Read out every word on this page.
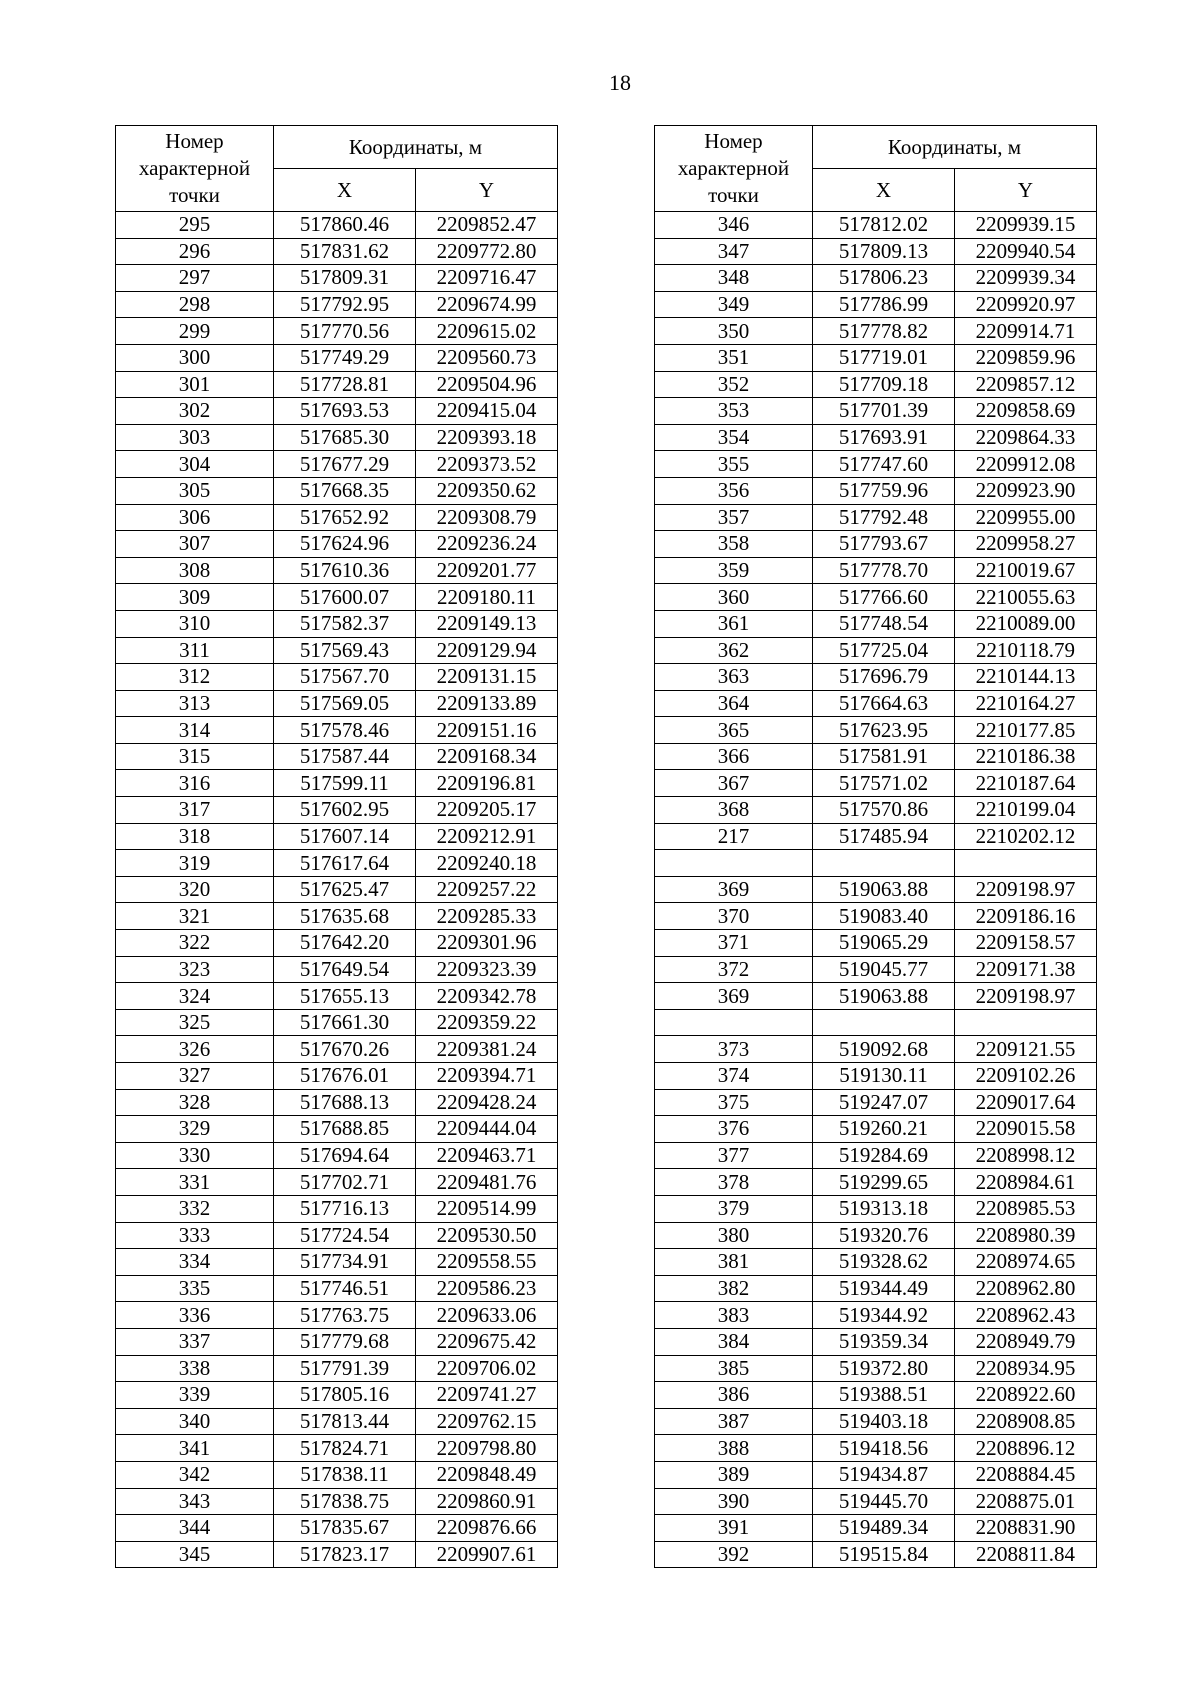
18
Номер характерной точки	Координаты, м	
	X	Y
295	517860.46	2209852.47
296	517831.62	2209772.80
297	517809.31	2209716.47
298	517792.95	2209674.99
299	517770.56	2209615.02
300	517749.29	2209560.73
301	517728.81	2209504.96
302	517693.53	2209415.04
303	517685.30	2209393.18
304	517677.29	2209373.52
305	517668.35	2209350.62
306	517652.92	2209308.79
307	517624.96	2209236.24
308	517610.36	2209201.77
309	517600.07	2209180.11
310	517582.37	2209149.13
311	517569.43	2209129.94
312	517567.70	2209131.15
313	517569.05	2209133.89
314	517578.46	2209151.16
315	517587.44	2209168.34
316	517599.11	2209196.81
317	517602.95	2209205.17
318	517607.14	2209212.91
319	517617.64	2209240.18
320	517625.47	2209257.22
321	517635.68	2209285.33
322	517642.20	2209301.96
323	517649.54	2209323.39
324	517655.13	2209342.78
325	517661.30	2209359.22
326	517670.26	2209381.24
327	517676.01	2209394.71
328	517688.13	2209428.24
329	517688.85	2209444.04
330	517694.64	2209463.71
331	517702.71	2209481.76
332	517716.13	2209514.99
333	517724.54	2209530.50
334	517734.91	2209558.55
335	517746.51	2209586.23
336	517763.75	2209633.06
337	517779.68	2209675.42
338	517791.39	2209706.02
339	517805.16	2209741.27
340	517813.44	2209762.15
341	517824.71	2209798.80
342	517838.11	2209848.49
343	517838.75	2209860.91
344	517835.67	2209876.66
345	517823.17	2209907.61
Номер характерной точки	Координаты, м	
	X	Y
346	517812.02	2209939.15
347	517809.13	2209940.54
348	517806.23	2209939.34
349	517786.99	2209920.97
350	517778.82	2209914.71
351	517719.01	2209859.96
352	517709.18	2209857.12
353	517701.39	2209858.69
354	517693.91	2209864.33
355	517747.60	2209912.08
356	517759.96	2209923.90
357	517792.48	2209955.00
358	517793.67	2209958.27
359	517778.70	2210019.67
360	517766.60	2210055.63
361	517748.54	2210089.00
362	517725.04	2210118.79
363	517696.79	2210144.13
364	517664.63	2210164.27
365	517623.95	2210177.85
366	517581.91	2210186.38
367	517571.02	2210187.64
368	517570.86	2210199.04
217	517485.94	2210202.12

369	519063.88	2209198.97
370	519083.40	2209186.16
371	519065.29	2209158.57
372	519045.77	2209171.38
369	519063.88	2209198.97

373	519092.68	2209121.55
374	519130.11	2209102.26
375	519247.07	2209017.64
376	519260.21	2209015.58
377	519284.69	2208998.12
378	519299.65	2208984.61
379	519313.18	2208985.53
380	519320.76	2208980.39
381	519328.62	2208974.65
382	519344.49	2208962.80
383	519344.92	2208962.43
384	519359.34	2208949.79
385	519372.80	2208934.95
386	519388.51	2208922.60
387	519403.18	2208908.85
388	519418.56	2208896.12
389	519434.87	2208884.45
390	519445.70	2208875.01
391	519489.34	2208831.90
392	519515.84	2208811.84
